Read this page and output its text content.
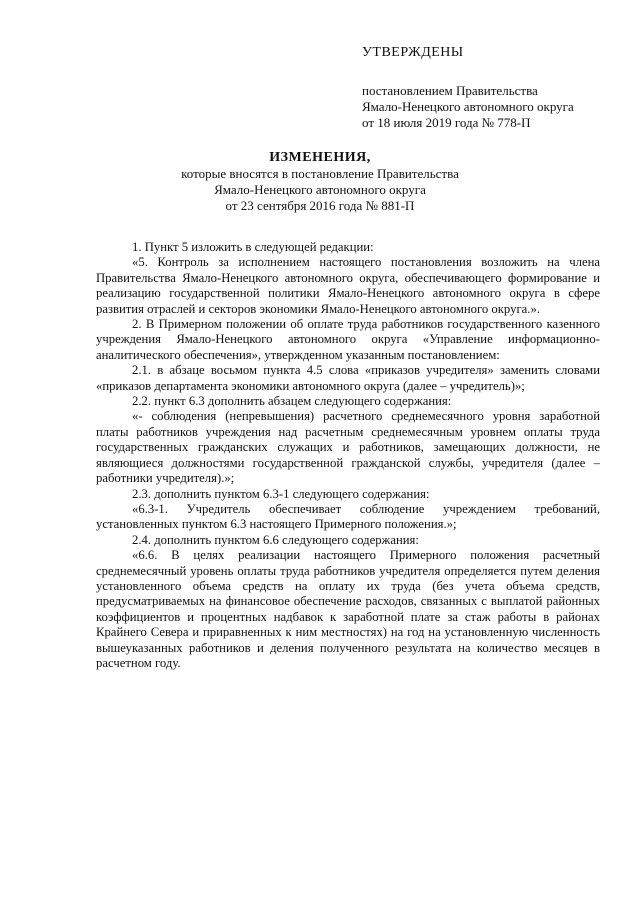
УТВЕРЖДЕНЫ
постановлением Правительства
Ямало-Ненецкого автономного округа
от 18 июля 2019 года № 778-П
ИЗМЕНЕНИЯ,
которые вносятся в постановление Правительства
Ямало-Ненецкого автономного округа
от 23 сентября 2016 года № 881-П

1. Пункт 5 изложить в следующей редакции:

«5. Контроль за исполнением настоящего постановления возложить на члена Правительства Ямало-Ненецкого автономного округа, обеспечивающего формирование и реализацию государственной политики Ямало-Ненецкого автономного округа в сфере развития отраслей и секторов экономики Ямало-Ненецкого автономного округа.».

2. В Примерном положении об оплате труда работников государственного казенного учреждения Ямало-Ненецкого автономного округа «Управление информационно-аналитического обеспечения», утвержденном указанным постановлением:

2.1. в абзаце восьмом пункта 4.5 слова «приказов учредителя» заменить словами «приказов департамента экономики автономного округа (далее – учредитель)»;

2.2. пункт 6.3 дополнить абзацем следующего содержания:

«- соблюдения (непревышения) расчетного среднемесячного уровня заработной платы работников учреждения над расчетным среднемесячным уровнем оплаты труда государственных гражданских служащих и работников, замещающих должности, не являющиеся должностями государственной гражданской службы, учредителя (далее – работники учредителя).»;

2.3. дополнить пунктом 6.3-1 следующего содержания:

«6.3-1. Учредитель обеспечивает соблюдение учреждением требований, установленных пунктом 6.3 настоящего Примерного положения.»;

2.4. дополнить пунктом 6.6 следующего содержания:

«6.6. В целях реализации настоящего Примерного положения расчетный среднемесячный уровень оплаты труда работников учредителя определяется путем деления установленного объема средств на оплату их труда (без учета объема средств, предусматриваемых на финансовое обеспечение расходов, связанных с выплатой районных коэффициентов и процентных надбавок к заработной плате за стаж работы в районах Крайнего Севера и приравненных к ним местностях) на год на установленную численность вышеуказанных работников и деления полученного результата на количество месяцев в расчетном году.
